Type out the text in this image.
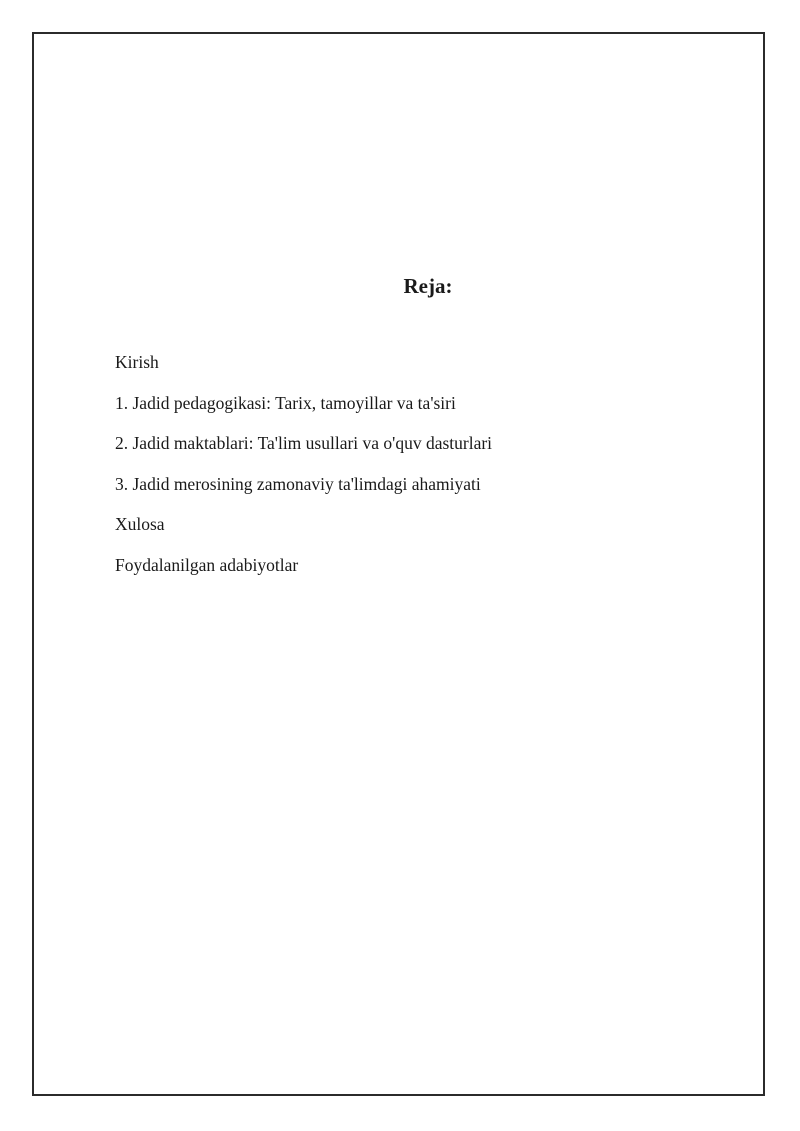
Reja:
Kirish
1. Jadid pedagogikasi: Tarix, tamoyillar va ta'siri
2. Jadid maktablari: Ta'lim usullari va o'quv dasturlari
3. Jadid merosining zamonaviy ta'limdagi ahamiyati
Xulosa
Foydalanilgan adabiyotlar
